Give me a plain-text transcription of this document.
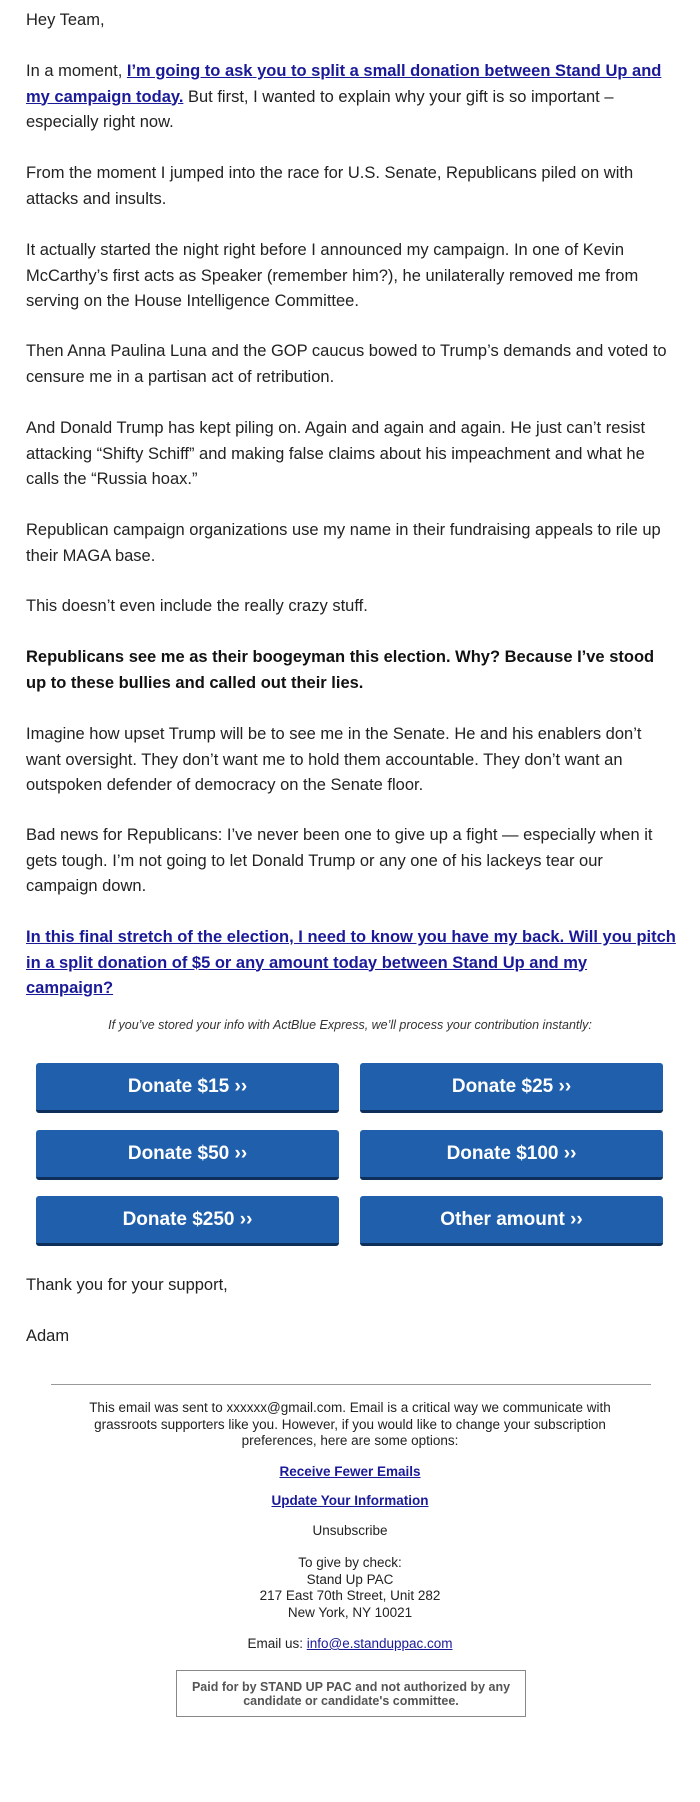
Hey Team,

In a moment, I’m going to ask you to split a small donation between Stand Up and my campaign today. But first, I wanted to explain why your gift is so important – especially right now.

From the moment I jumped into the race for U.S. Senate, Republicans piled on with attacks and insults.

It actually started the night right before I announced my campaign. In one of Kevin McCarthy’s first acts as Speaker (remember him?), he unilaterally removed me from serving on the House Intelligence Committee.

Then Anna Paulina Luna and the GOP caucus bowed to Trump’s demands and voted to censure me in a partisan act of retribution.

And Donald Trump has kept piling on. Again and again and again. He just can’t resist attacking “Shifty Schiff” and making false claims about his impeachment and what he calls the “Russia hoax.”

Republican campaign organizations use my name in their fundraising appeals to rile up their MAGA base.

This doesn’t even include the really crazy stuff.

Republicans see me as their boogeyman this election. Why? Because I’ve stood up to these bullies and called out their lies.

Imagine how upset Trump will be to see me in the Senate. He and his enablers don’t want oversight. They don’t want me to hold them accountable. They don’t want an outspoken defender of democracy on the Senate floor.

Bad news for Republicans: I’ve never been one to give up a fight — especially when it gets tough. I’m not going to let Donald Trump or any one of his lackeys tear our campaign down.

In this final stretch of the election, I need to know you have my back. Will you pitch in a split donation of $5 or any amount today between Stand Up and my campaign?

If you’ve stored your info with ActBlue Express, we’ll process your contribution instantly:
Donate $15 ››	Donate $25 ››
Donate $50 ››	Donate $100 ››
Donate $250 ››	Other amount ››

Thank you for your support,

Adam

This email was sent to xxxxxx@gmail.com. Email is a critical way we communicate with grassroots supporters like you. However, if you would like to change your subscription preferences, here are some options:
Receive Fewer Emails
Update Your Information
Unsubscribe
To give by check:
Stand Up PAC
217 East 70th Street, Unit 282
New York, NY 10021
Email us: info@e.standuppac.com
Paid for by STAND UP PAC and not authorized by any candidate or candidate's committee.
